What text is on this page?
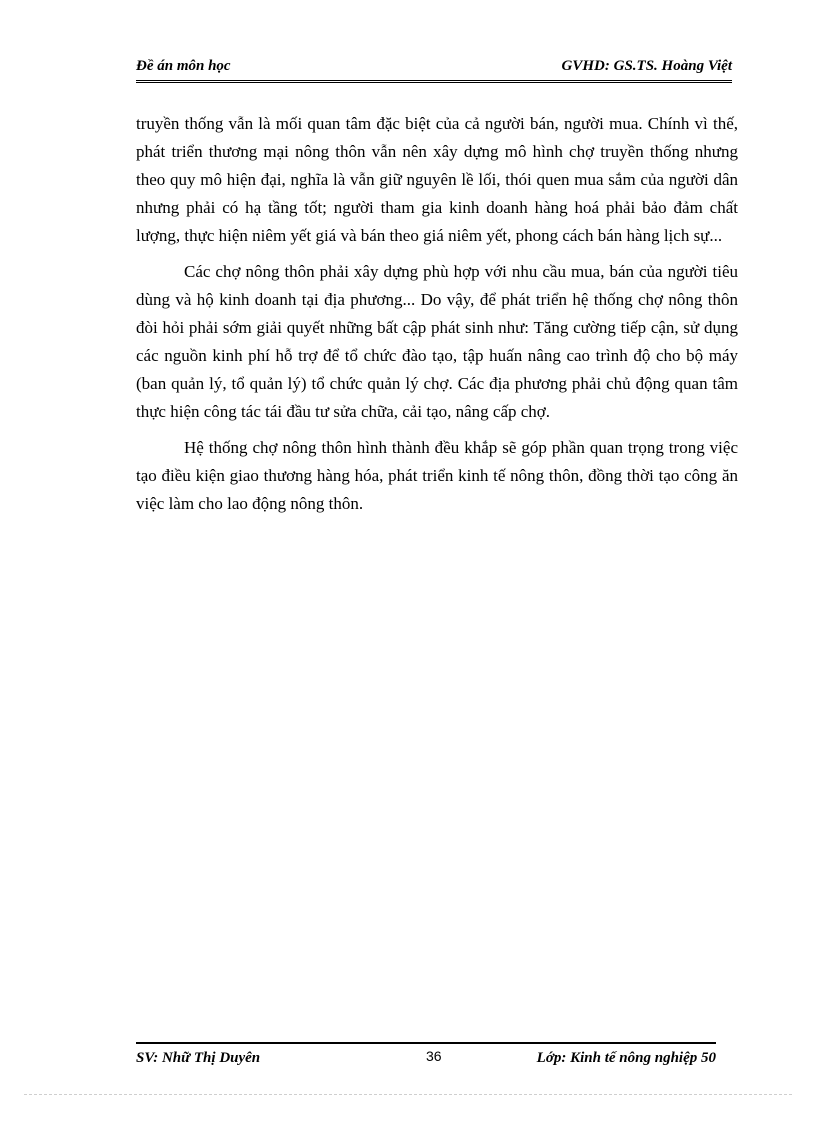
Đề án môn học	GVHD: GS.TS. Hoàng Việt

truyền thống vẫn là mối quan tâm đặc biệt của cả người bán, người mua. Chính vì thế, phát triển thương mại nông thôn vẫn nên xây dựng mô hình chợ truyền thống nhưng theo quy mô hiện đại, nghĩa là vẫn giữ nguyên lề lối, thói quen mua sắm của người dân nhưng phải có hạ tầng tốt; người tham gia kinh doanh hàng hoá phải bảo đảm chất lượng, thực hiện niêm yết giá và bán theo giá niêm yết, phong cách bán hàng lịch sự...

Các chợ nông thôn phải xây dựng phù hợp với nhu cầu mua, bán của người tiêu dùng và hộ kinh doanh tại địa phương... Do vậy, để phát triển hệ thống chợ nông thôn đòi hỏi phải sớm giải quyết những bất cập phát sinh như: Tăng cường tiếp cận, sử dụng các nguồn kinh phí hỗ trợ để tổ chức đào tạo, tập huấn nâng cao trình độ cho bộ máy (ban quản lý, tổ quản lý) tổ chức quản lý chợ. Các địa phương phải chủ động quan tâm thực hiện công tác tái đầu tư sửa chữa, cải tạo, nâng cấp chợ.

Hệ thống chợ nông thôn hình thành đều khắp sẽ góp phần quan trọng trong việc tạo điều kiện giao thương hàng hóa, phát triển kinh tế nông thôn, đồng thời tạo công ăn việc làm cho lao động nông thôn.

SV: Nhữ Thị Duyên	36	Lớp: Kinh tế nông nghiệp 50
